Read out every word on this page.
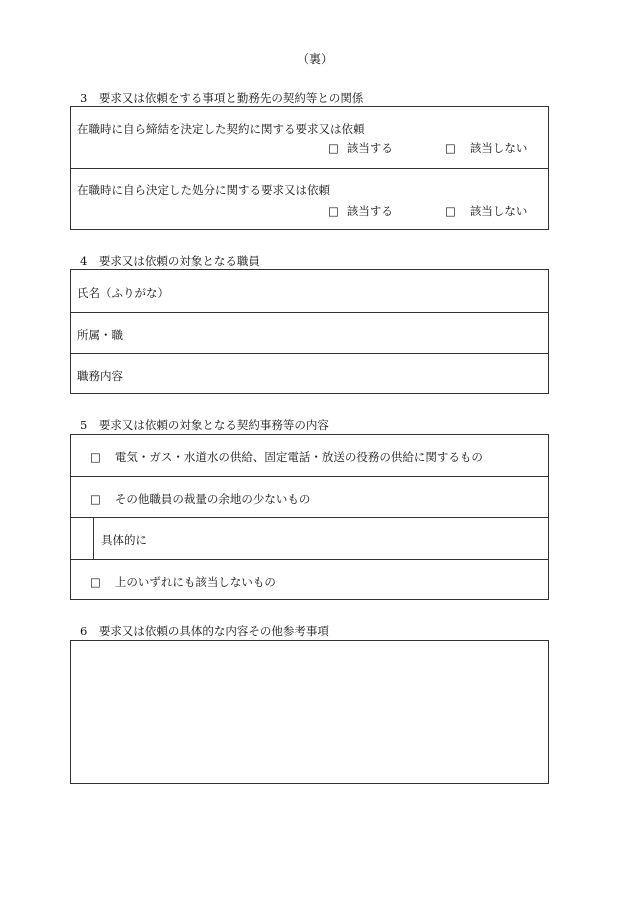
（裏）
3　要求又は依頼をする事項と勤務先の契約等との関係
在職時に自ら締結を決定した契約に関する要求又は依頼
□ 該当する	□ 該当しない
在職時に自ら決定した処分に関する要求又は依頼
□ 該当する	□ 該当しない
4　要求又は依頼の対象となる職員
氏名（ふりがな）
所属・職
職務内容
5　要求又は依頼の対象となる契約事務等の内容
□ 電気・ガス・水道水の供給、固定電話・放送の役務の供給に関するもの
□ その他職員の裁量の余地の少ないもの
具体的に
□ 上のいずれにも該当しないもの
6　要求又は依頼の具体的な内容その他参考事項
